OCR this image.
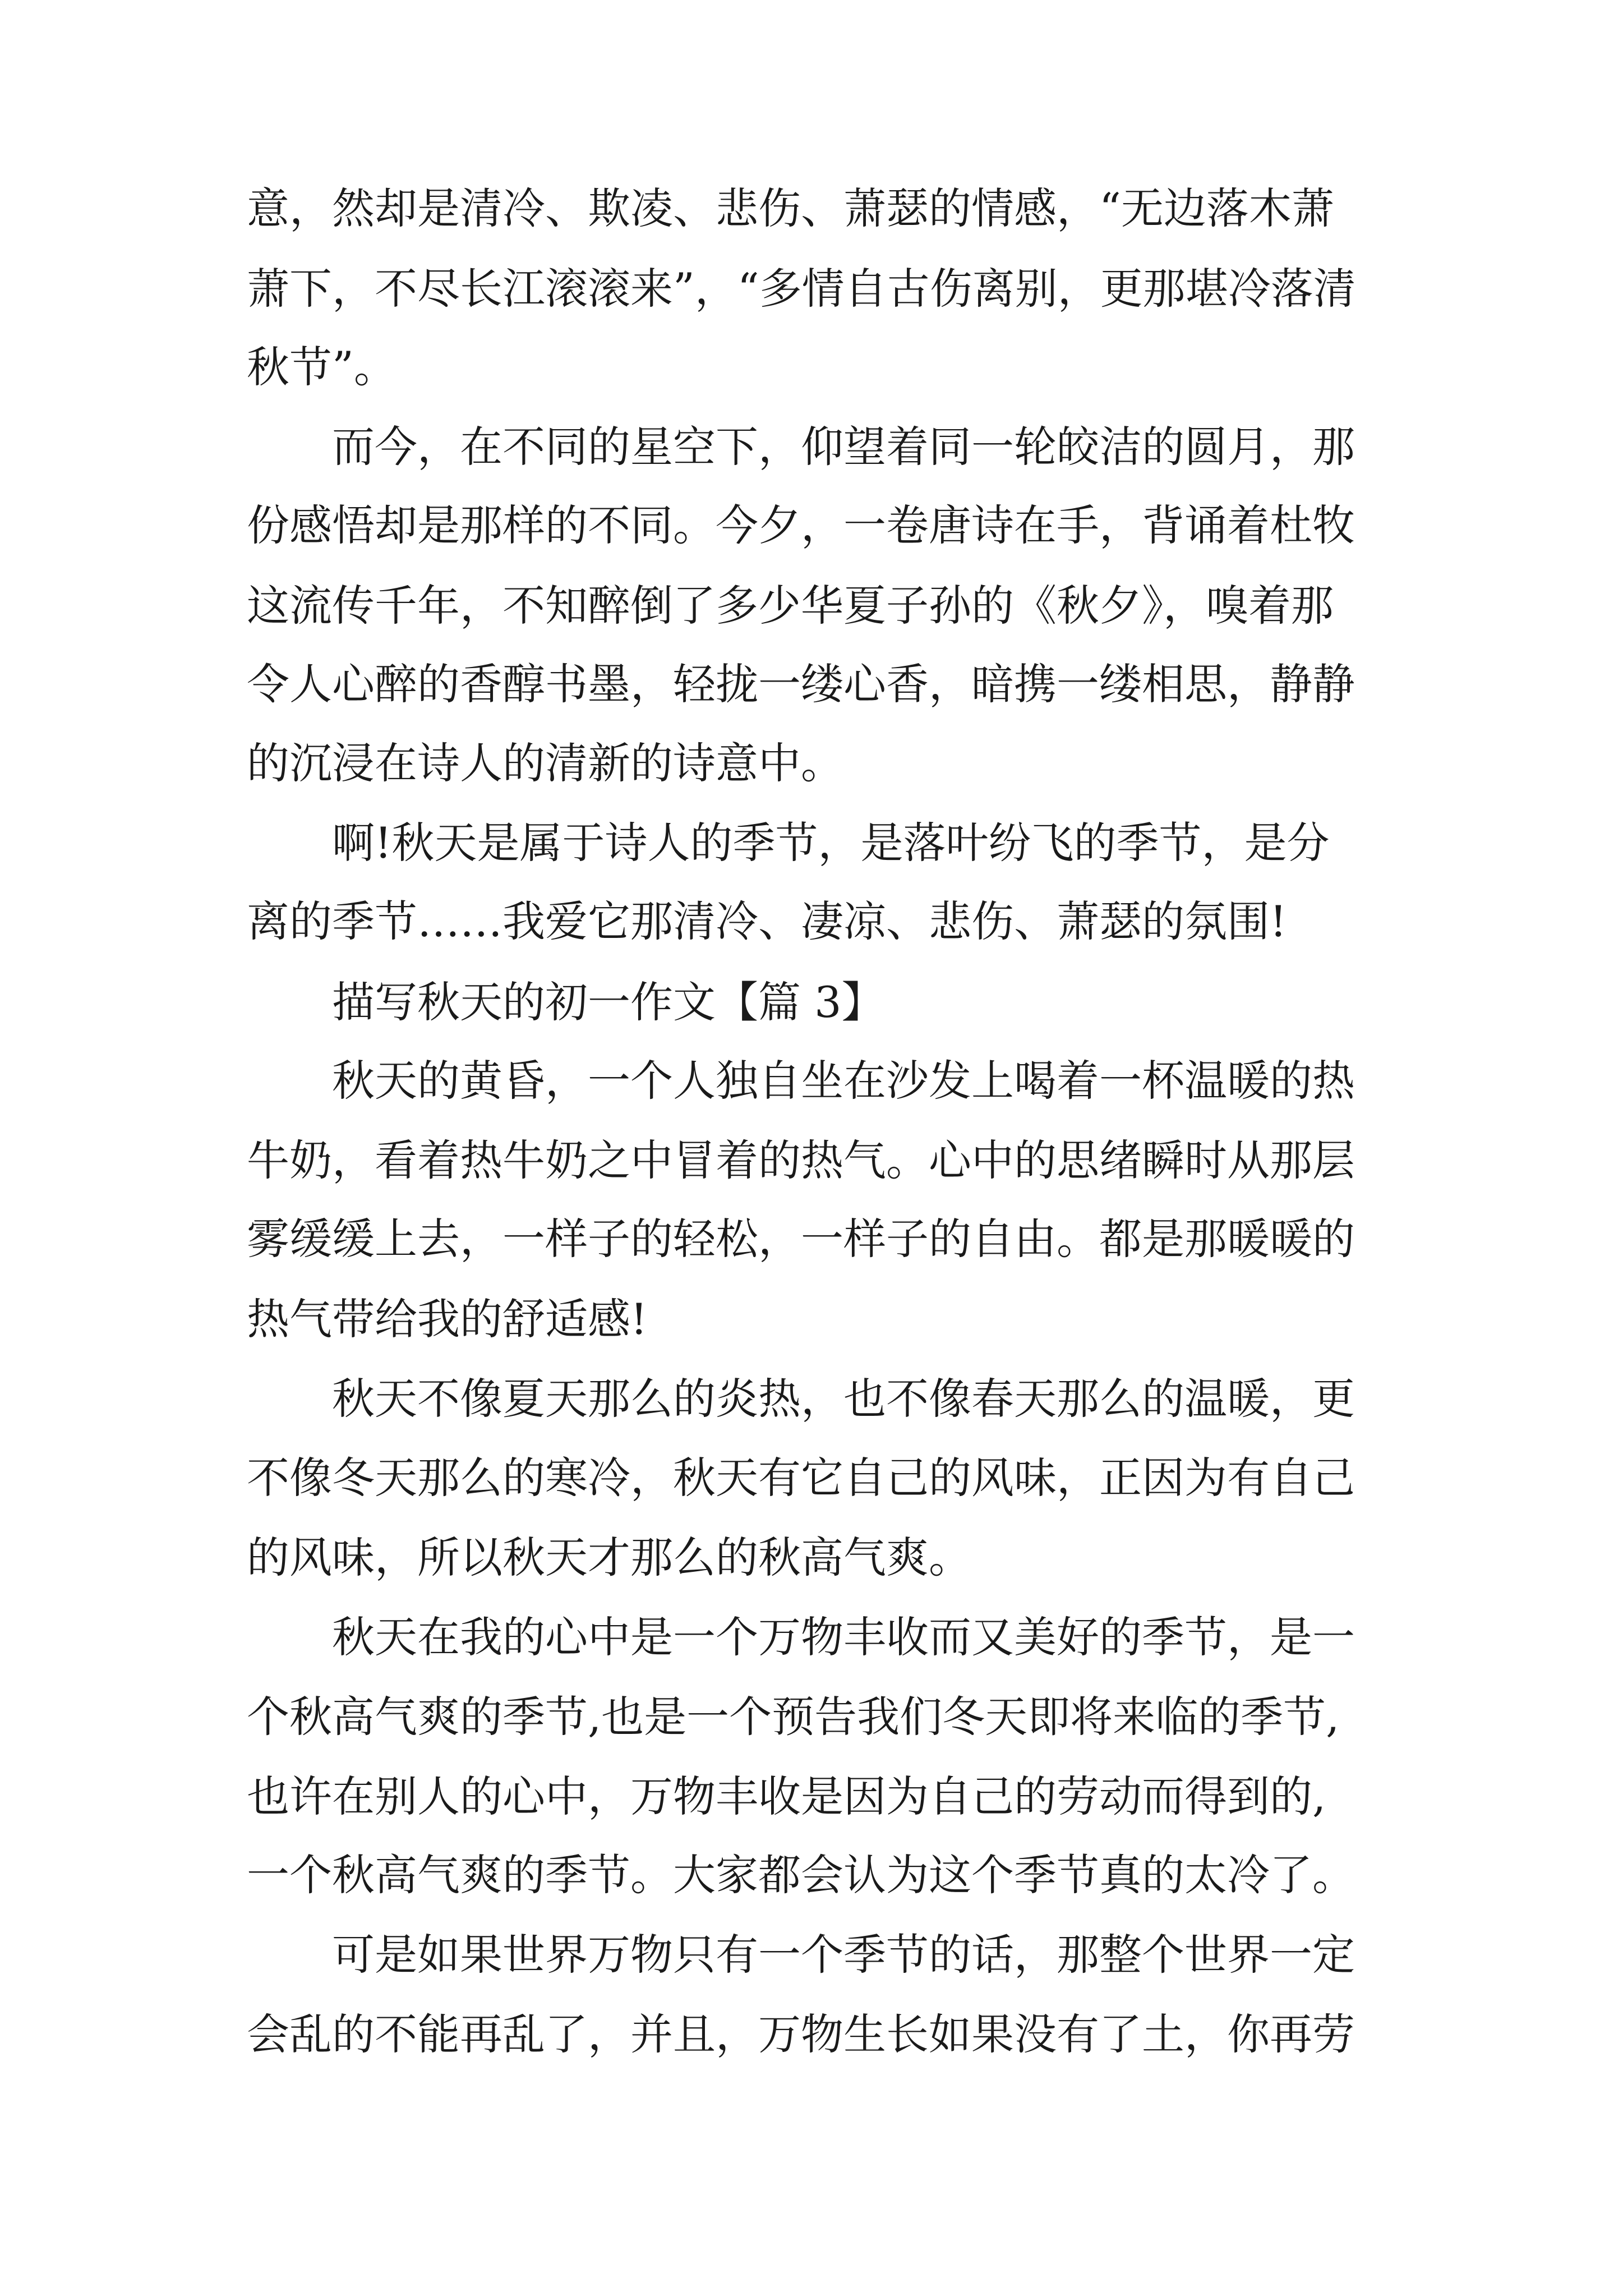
意，然却是清冷、欺凌、悲伤、萧瑟的情感，“无边落木萧
萧下，不尽长江滚滚来”，“多情自古伤离别，更那堪冷落清
秋节”。
　　而今，在不同的星空下，仰望着同一轮皎洁的圆月，那
份感悟却是那样的不同。今夕，一卷唐诗在手，背诵着杜牧
这流传千年，不知醉倒了多少华夏子孙的《秋夕》，嗅着那
令人心醉的香醇书墨，轻拢一缕心香，暗携一缕相思，静静
的沉浸在诗人的清新的诗意中。
　　啊!秋天是属于诗人的季节，是落叶纷飞的季节，是分
离的季节……我爱它那清冷、凄凉、悲伤、萧瑟的氛围!
　　描写秋天的初一作文【篇 3】
　　秋天的黄昏，一个人独自坐在沙发上喝着一杯温暖的热
牛奶，看着热牛奶之中冒着的热气。心中的思绪瞬时从那层
雾缓缓上去，一样子的轻松，一样子的自由。都是那暖暖的
热气带给我的舒适感!
　　秋天不像夏天那么的炎热，也不像春天那么的温暖，更
不像冬天那么的寒冷，秋天有它自己的风味，正因为有自己
的风味，所以秋天才那么的秋高气爽。
　　秋天在我的心中是一个万物丰收而又美好的季节，是一
个秋高气爽的季节,也是一个预告我们冬天即将来临的季节,
也许在别人的心中，万物丰收是因为自己的劳动而得到的,
一个秋高气爽的季节。大家都会认为这个季节真的太冷了。
　　可是如果世界万物只有一个季节的话，那整个世界一定
会乱的不能再乱了，并且，万物生长如果没有了土，你再劳
